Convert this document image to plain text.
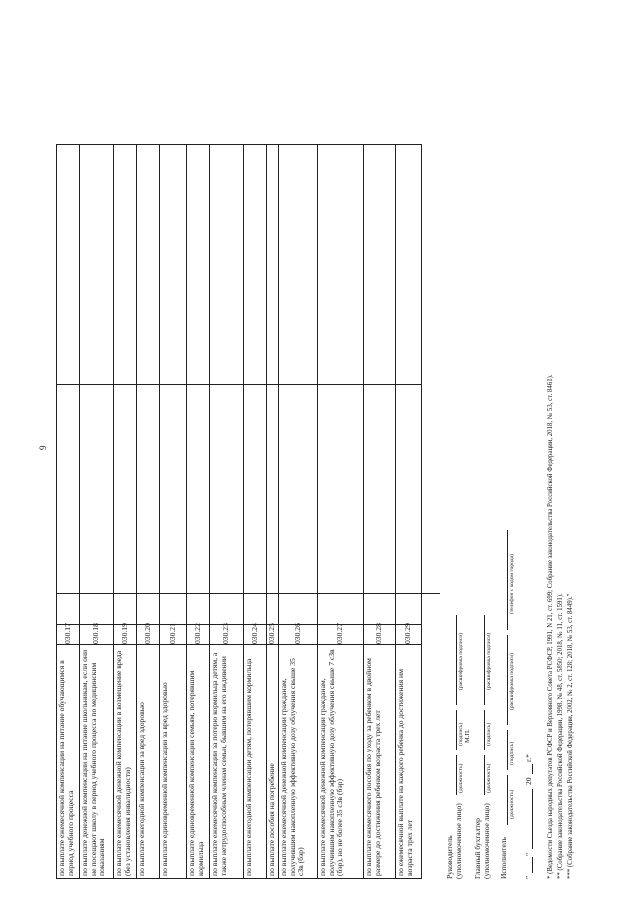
9
по выплате ежемесячной компенсации на питание обучающимся в период учебного процесса	030.17		
по выплате денежной компенсации на питание школьникам, если они не посещают школу в период учебного процесса по медицинским показаниям	030.18		
по выплате ежемесячной денежной компенсации в возмещение вреда (без установления инвалидности)	030.19		
по выплате ежегодной компенсации за вред здоровью	030.20		
по выплате единовременной компенсации за вред здоровью	030.21		
по выплате единовременной компенсации семьям, потерявшим кормильца	030.22		
по выплате ежемесячной компенсации за потерю кормильца детям, а также нетрудоспособным членам семьи, бывшим на его иждивении	030.23		
по выплате ежегодной компенсации детям, потерявшим кормильца	030.24		
по выплате пособия на погребение	030.25		
по выплате ежемесячной денежной компенсации гражданам, получившим накопленную эффективную дозу облучения свыше 35 сЗв (бэр)	030.26		
по выплате ежемесячной денежной компенсации гражданам, получившим накопленную эффективную дозу облучения свыше 7 сЗв (бэр), но не более 35 сЗв (бэр)	030.27		
по выплате ежемесячного пособия по уходу за ребенком в двойном размере до достижения ребенком возраста трех лет	030.28		
по ежемесячной выплате на каждого ребенка до достижения им возраста трех лет	030.29		
Руководитель (уполномоченное лицо)
(должность)
(подпись)
(расшифровка подписи)
М.П.
Главный бухгалтер (уполномоченное лицо)
(должность)
(подпись)
(расшифровка подписи)
Исполнитель
(должность)
(подпись)
(расшифровка подписи)
(телефон с кодом города)
"
"
20
г.* * (Ведомости Съезда народных депутатов РСФСР и Верховного Совета РСФСР, 1991, N 21, ст. 699; Собрание законодательства Российской Федерации, 2018, № 53, ст. 8461). ** (Собрание законодательства Российской Федерации, 1998, № 48, ст. 5850; 2018, № 11, ст. 1591). *** (Собрание законодательства Российской Федерации, 2002, № 2, ст. 128; 2018, № 53, ст. 8449)."
